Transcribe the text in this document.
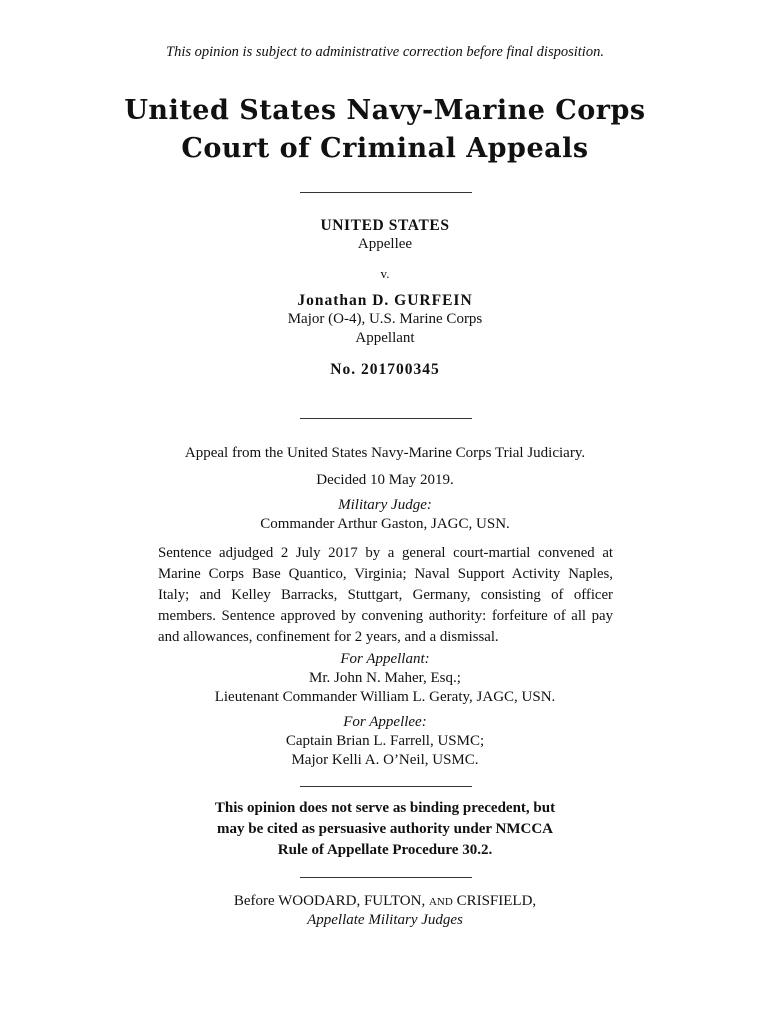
This opinion is subject to administrative correction before final disposition.
United States Navy-Marine Corps
Court of Criminal Appeals
UNITED STATES
Appellee
v.
Jonathan D. GURFEIN
Major (O-4), U.S. Marine Corps
Appellant
No. 201700345
Appeal from the United States Navy-Marine Corps Trial Judiciary.
Decided 10 May 2019.
Military Judge:
Commander Arthur Gaston, JAGC, USN.
Sentence adjudged 2 July 2017 by a general court-martial convened at Marine Corps Base Quantico, Virginia; Naval Support Activity Naples, Italy; and Kelley Barracks, Stuttgart, Germany, consisting of officer members. Sentence approved by convening authority: forfeiture of all pay and allowances, confinement for 2 years, and a dismissal.
For Appellant:
Mr. John N. Maher, Esq.;
Lieutenant Commander William L. Geraty, JAGC, USN.
For Appellee:
Captain Brian L. Farrell, USMC;
Major Kelli A. O’Neil, USMC.
This opinion does not serve as binding precedent, but
may be cited as persuasive authority under NMCCA
Rule of Appellate Procedure 30.2.
Before WOODARD, FULTON, and CRISFIELD,
Appellate Military Judges
